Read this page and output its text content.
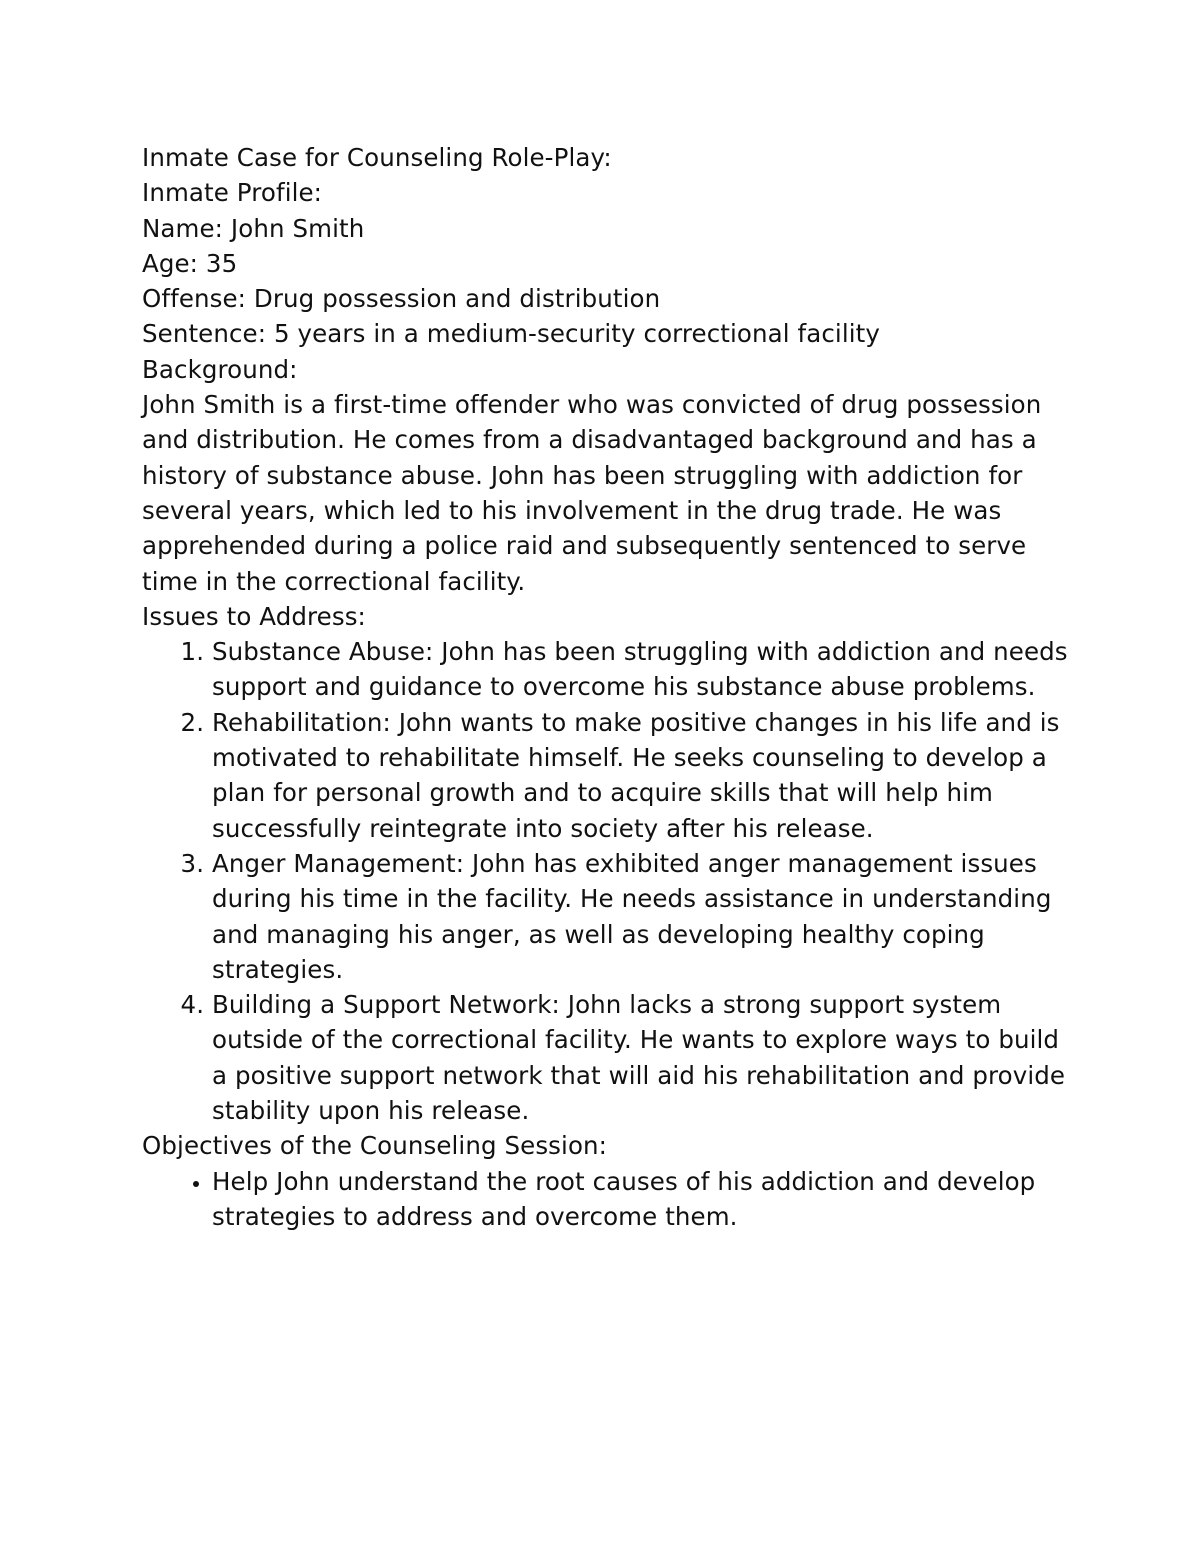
Inmate Case for Counseling Role-Play:
Inmate Profile:
Name: John Smith
Age: 35
Offense: Drug possession and distribution
Sentence: 5 years in a medium-security correctional facility
Background:
John Smith is a first-time offender who was convicted of drug possession and distribution. He comes from a disadvantaged background and has a history of substance abuse. John has been struggling with addiction for several years, which led to his involvement in the drug trade. He was apprehended during a police raid and subsequently sentenced to serve time in the correctional facility.
Issues to Address:
1. Substance Abuse: John has been struggling with addiction and needs support and guidance to overcome his substance abuse problems.
2. Rehabilitation: John wants to make positive changes in his life and is motivated to rehabilitate himself. He seeks counseling to develop a plan for personal growth and to acquire skills that will help him successfully reintegrate into society after his release.
3. Anger Management: John has exhibited anger management issues during his time in the facility. He needs assistance in understanding and managing his anger, as well as developing healthy coping strategies.
4. Building a Support Network: John lacks a strong support system outside of the correctional facility. He wants to explore ways to build a positive support network that will aid his rehabilitation and provide stability upon his release.
Objectives of the Counseling Session:
• Help John understand the root causes of his addiction and develop strategies to address and overcome them.
